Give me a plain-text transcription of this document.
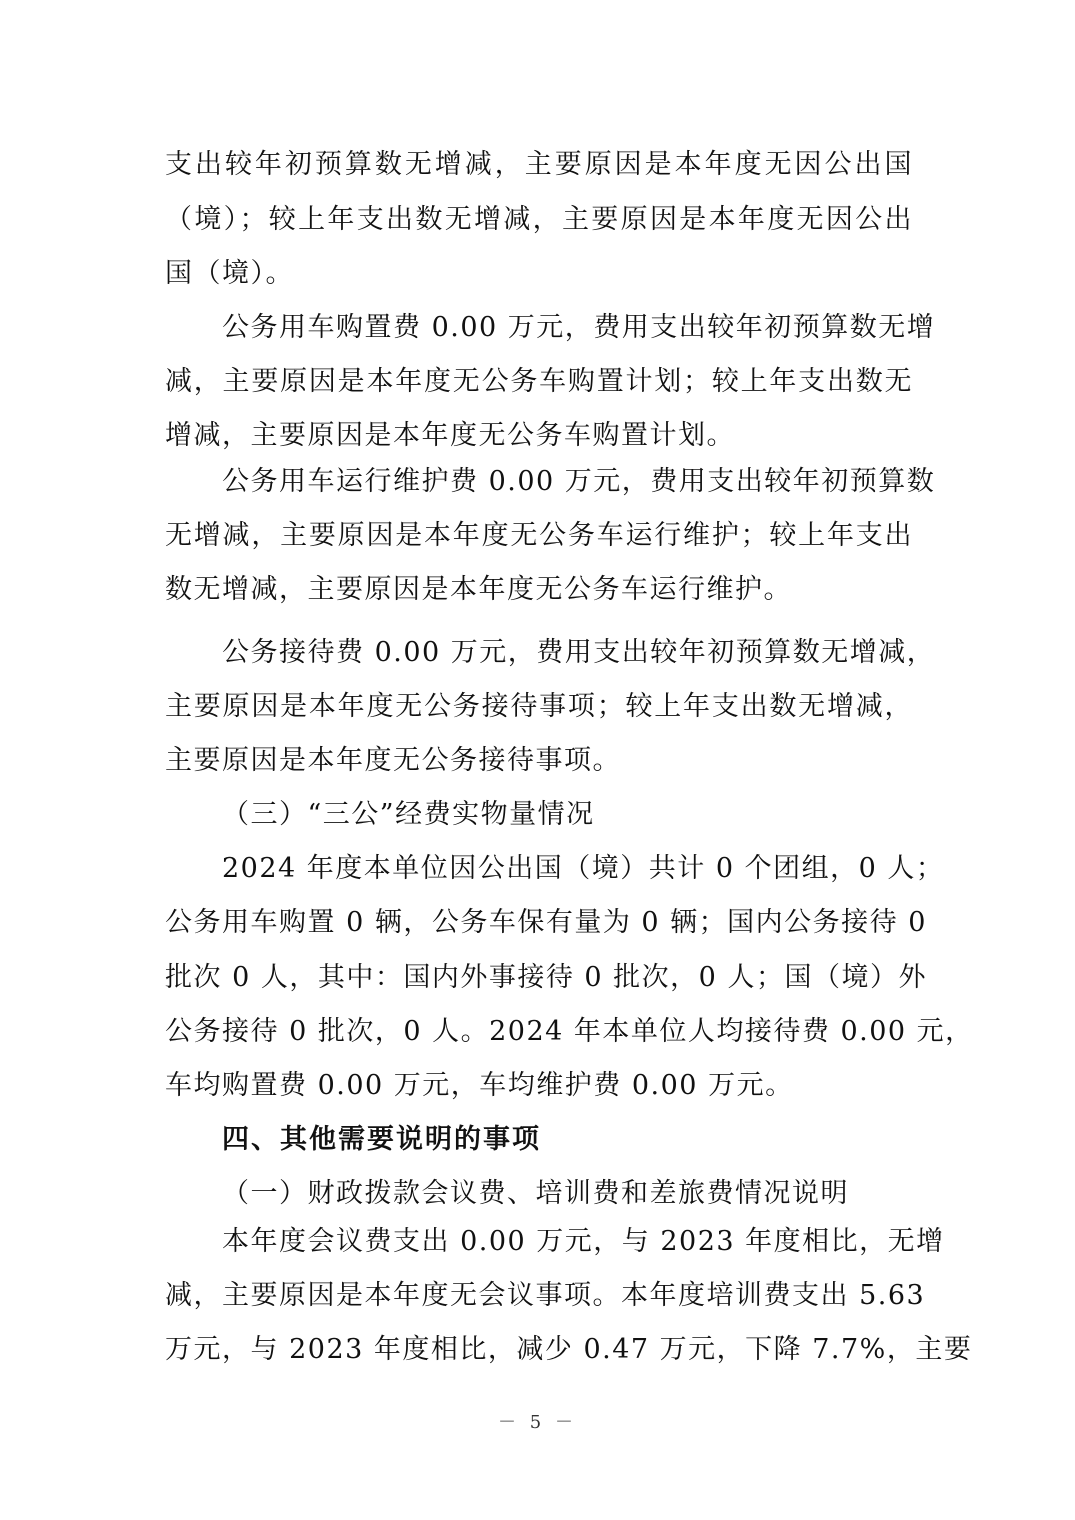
支出较年初预算数无增减，主要原因是本年度无因公出国
（境）；较上年支出数无增减，主要原因是本年度无因公出
国（境）。
公务用车购置费 0.00 万元，费用支出较年初预算数无增
减，主要原因是本年度无公务车购置计划；较上年支出数无
增减，主要原因是本年度无公务车购置计划。
公务用车运行维护费 0.00 万元，费用支出较年初预算数
无增减，主要原因是本年度无公务车运行维护；较上年支出
数无增减，主要原因是本年度无公务车运行维护。
公务接待费 0.00 万元，费用支出较年初预算数无增减，
主要原因是本年度无公务接待事项；较上年支出数无增减，
主要原因是本年度无公务接待事项。
（三）“三公”经费实物量情况
2024 年度本单位因公出国（境）共计 0 个团组，0 人；
公务用车购置 0 辆，公务车保有量为 0 辆；国内公务接待 0
批次 0 人，其中：国内外事接待 0 批次，0 人；国（境）外
公务接待 0 批次，0 人。2024 年本单位人均接待费 0.00 元，
车均购置费 0.00 万元，车均维护费 0.00 万元。
四、其他需要说明的事项
（一）财政拨款会议费、培训费和差旅费情况说明
本年度会议费支出 0.00 万元，与 2023 年度相比，无增
减，主要原因是本年度无会议事项。本年度培训费支出 5.63
万元，与 2023 年度相比，减少 0.47 万元，下降 7.7%，主要
－ 5 －
